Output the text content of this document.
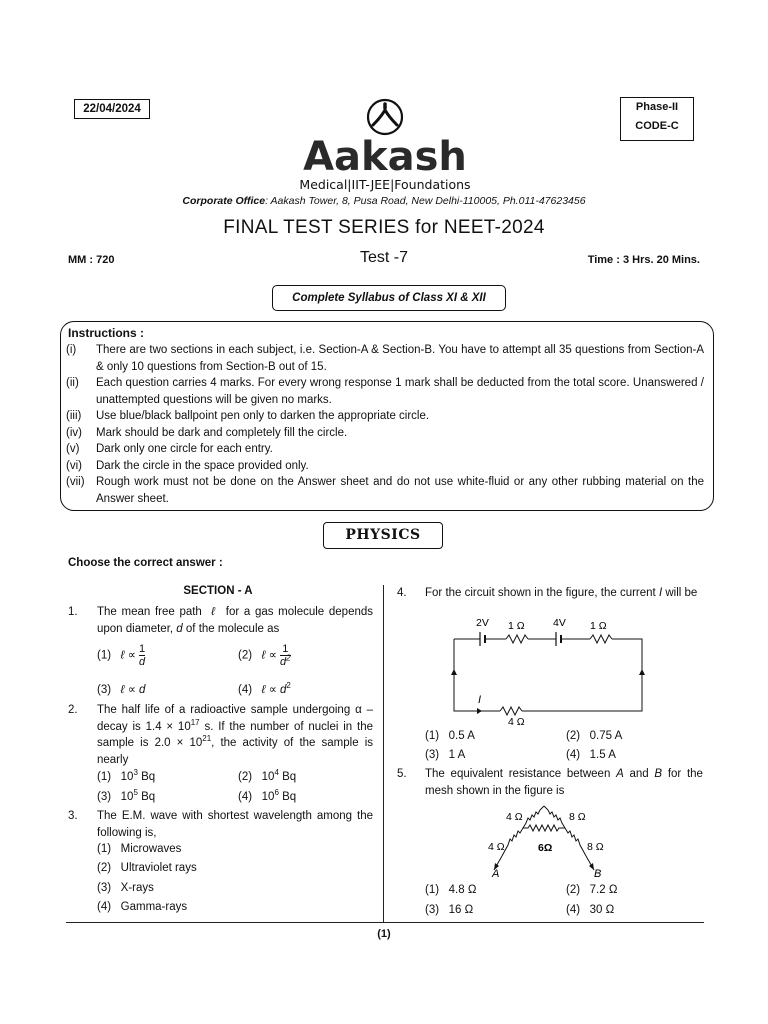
22/04/2024	Phase-II
CODE-C
Aakash
Medical|IIT-JEE|Foundations
Corporate Office: Aakash Tower, 8, Pusa Road, New Delhi-110005, Ph.011-47623456
FINAL TEST SERIES for NEET-2024
MM : 720	Test -7	Time : 3 Hrs. 20 Mins.
Complete Syllabus of Class XI & XII
Instructions :
(i)	There are two sections in each subject, i.e. Section-A & Section-B. You have to attempt all 35 questions from Section-A & only 10 questions from Section-B out of 15.
(ii)	Each question carries 4 marks. For every wrong response 1 mark shall be deducted from the total score. Unanswered / unattempted questions will be given no marks.
(iii)	Use blue/black ballpoint pen only to darken the appropriate circle.
(iv)	Mark should be dark and completely fill the circle.
(v)	Dark only one circle for each entry.
(vi)	Dark the circle in the space provided only.
(vii) Rough work must not be done on the Answer sheet and do not use white-fluid or any other rubbing material on the Answer sheet.
PHYSICS
Choose the correct answer :
SECTION - A
1. The mean free path ℓ for a gas molecule depends upon diameter, d of the molecule as
(1) ℓ ∝ $\frac{1}{d}$	(2) ℓ ∝ $\frac{1}{d^2}$
(3) ℓ ∝ d	(4) ℓ ∝ $d^2$
2. The half life of a radioactive sample undergoing α – decay is $1.4 \times 10^{17}$ s. If the number of nuclei in the sample is $2.0 \times 10^{21}$, the activity of the sample is nearly
(1) $10^3$ Bq	(2) $10^4$ Bq
(3) $10^5$ Bq	(4) $10^6$ Bq
3. The E.M. wave with shortest wavelength among the following is,
(1) Microwaves
(2) Ultraviolet rays
(3) X-rays
(4) Gamma-rays
4. For the circuit shown in the figure, the current I will be
2V 1 Ω	4V 1 Ω
I
4 Ω
(1) 0.5 A	(2) 0.75 A
(3) 1 A	(4) 1.5 A
5. The equivalent resistance between A and B for the mesh shown in the figure is
4 Ω	8 Ω
4 Ω	6Ω	8 Ω
A	B
(1) 4.8 Ω	(2) 7.2 Ω
(3) 16 Ω	(4) 30 Ω
(1)
